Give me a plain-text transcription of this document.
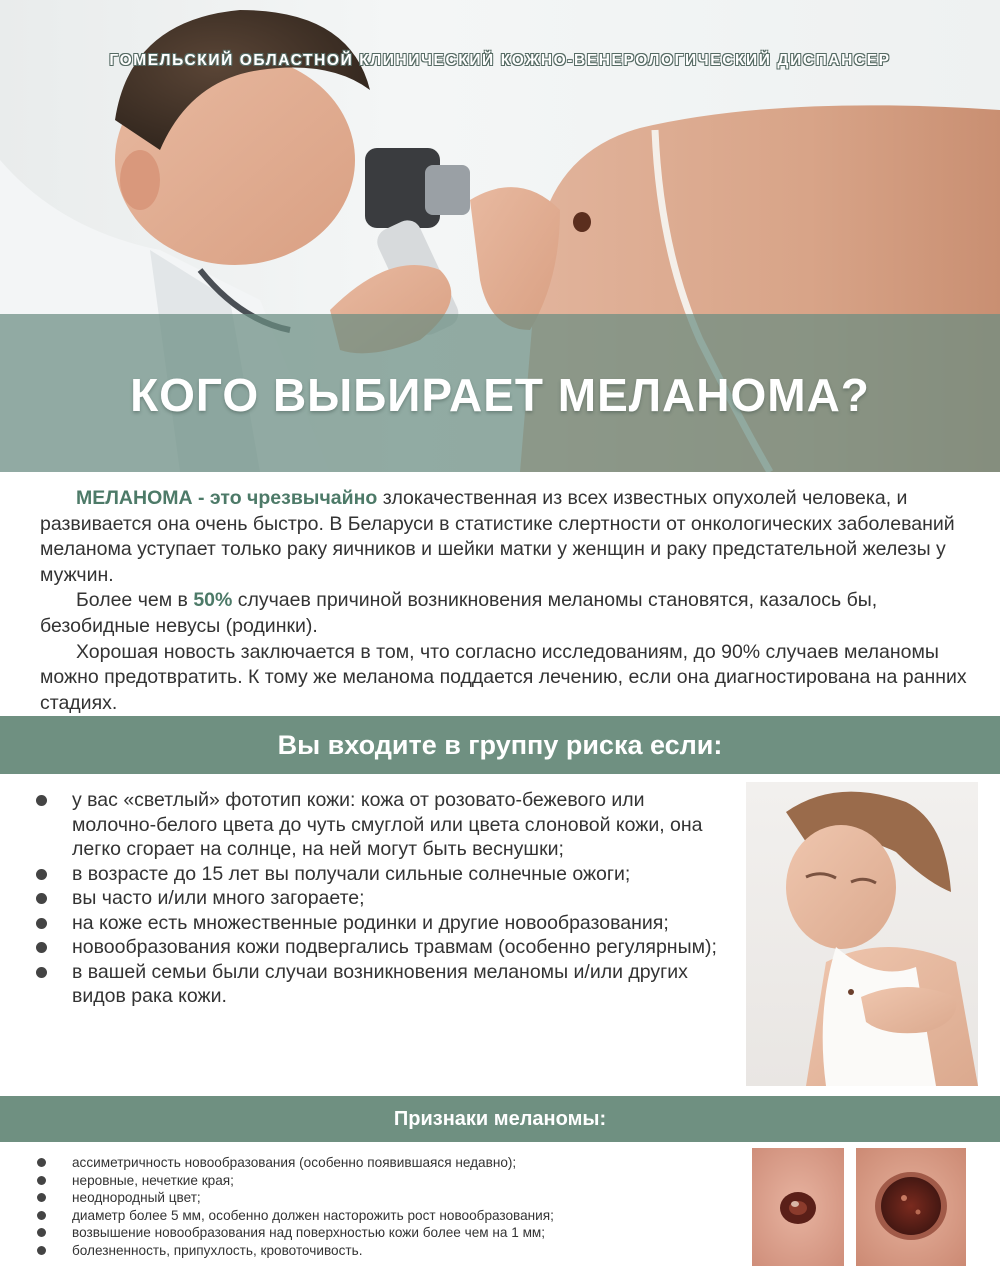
ГОМЕЛЬСКИЙ ОБЛАСТНОЙ КЛИНИЧЕСКИЙ КОЖНО-ВЕНЕРОЛОГИЧЕСКИЙ ДИСПАНСЕР
КОГО ВЫБИРАЕТ МЕЛАНОМА?

МЕЛАНОМА - это чрезвычайно злокачественная из всех известных опухолей человека, и развивается она очень быстро. В Беларуси в статистике слертности от онкологических заболеваний меланома уступает только раку яичников и шейки матки у женщин и раку предстательной железы у мужчин.

Более чем в 50% случаев причиной возникновения меланомы становятся, казалось бы, безобидные невусы (родинки).

Хорошая новость заключается в том, что согласно исследованиям, до 90% случаев меланомы можно предотвратить. К тому же меланома поддается лечению, если она диагностирована на ранних стадиях.

Вы входите в группу риска если:
у вас «светлый» фототип кожи: кожа от розовато-бежевого или молочно-белого цвета до чуть смуглой или цвета слоновой кожи, она легко сгорает на солнце, на ней могут быть веснушки;
в возрасте до 15 лет вы получали сильные солнечные ожоги;
вы часто и/или много загораете;
на коже есть множественные родинки и другие новообразования;
новообразования кожи подвергались травмам (особенно регулярным);
в вашей семьи были случаи возникновения меланомы и/или других видов рака кожи.
Признаки меланомы:
ассиметричность новообразования (особенно появившаяся недавно);
неровные, нечеткие края;
неоднородный цвет;
диаметр более 5 мм, особенно должен насторожить рост новообразования;
возвышение новообразования над поверхностью кожи более чем на 1 мм;
болезненность, припухлость, кровоточивость.
